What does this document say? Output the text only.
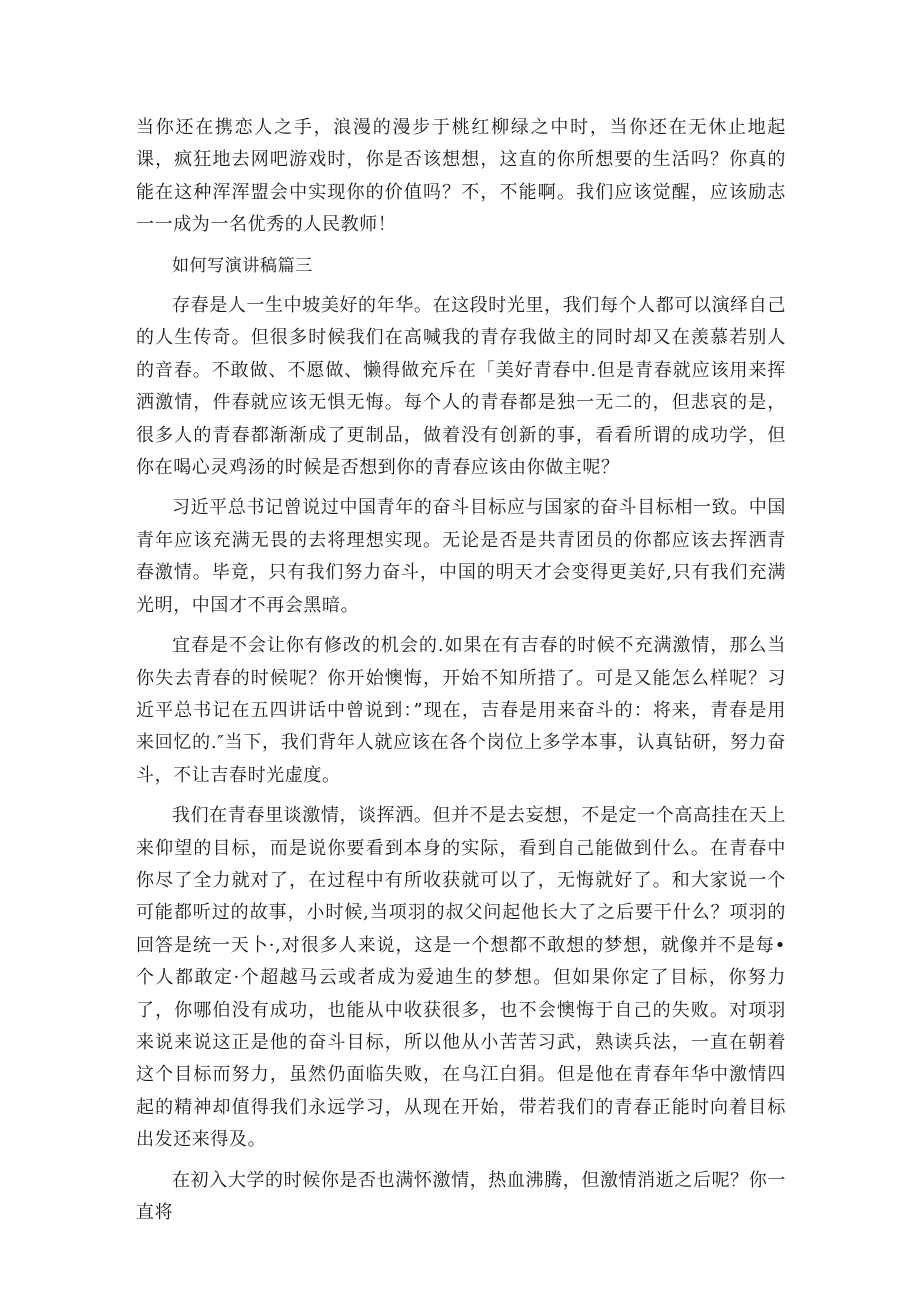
当你还在携恋人之手，浪漫的漫步于桃红柳绿之中时，当你还在无休止地起课，疯狂地去网吧游戏时，你是否该想想，这直的你所想要的生活吗？你真的能在这种浑浑盟会中实现你的价值吗？不，不能啊。我们应该觉醒，应该励志一一成为一名优秀的人民教师！

如何写演讲稿篇三

存春是人一生中坡美好的年华。在这段时光里，我们每个人都可以演绎自己的人生传奇。但很多时候我们在高喊我的青存我做主的同时却又在羡慕若别人的音春。不敢做、不愿做、懒得做充斥在「美好青春中.但是青春就应该用来挥洒激情，件春就应该无惧无悔。每个人的青春都是独一无二的，但悲哀的是，很多人的青春都渐渐成了更制品，做着没有创新的事，看看所谓的成功学，但你在喝心灵鸡汤的时候是否想到你的青春应该由你做主呢？

习近平总书记曾说过中国青年的奋斗目标应与国家的奋斗目标相一致。中国青年应该充满无畏的去将理想实现。无论是否是共青团员的你都应该去挥洒青春激情。毕竟，只有我们努力奋斗，中国的明天才会变得更美好,只有我们充满光明，中国才不再会黑暗。

宜春是不会让你有修改的机会的.如果在有吉春的时候不充满激情，那么当你失去青春的时候呢？你开始懊悔，开始不知所措了。可是又能怎么样呢？习近平总书记在五四讲话中曾说到：”现在，吉春是用来奋斗的：将来，青春是用来回忆的.″当下，我们背年人就应该在各个岗位上多学本事，认真钻研，努力奋斗，不让吉春时光虚度。

我们在青春里谈激情，谈挥洒。但并不是去妄想，不是定一个高高挂在天上来仰望的目标，而是说你要看到本身的实际，看到自己能做到什么。在青春中你尽了全力就对了，在过程中有所收获就可以了，无悔就好了。和大家说一个可能都听过的故事，小时候,当项羽的叔父问起他长大了之后要干什么？项羽的回答是统一天卜·,对很多人来说，这是一个想都不敢想的梦想，就像并不是每•个人都敢定·个超越马云或者成为爱迪生的梦想。但如果你定了目标，你努力了，你哪伯没有成功，也能从中收获很多，也不会懊悔于自己的失败。对项羽来说来说这正是他的奋斗目标，所以他从小苦苦习武，熟读兵法，一直在朝着这个目标而努力，虽然仍面临失败，在乌江白狷。但是他在青春年华中激情四起的精神却值得我们永远学习，从现在开始，带若我们的青春正能时向着目标出发还来得及。

在初入大学的时候你是否也满怀激情，热血沸腾，但激情消逝之后呢？你一直将
